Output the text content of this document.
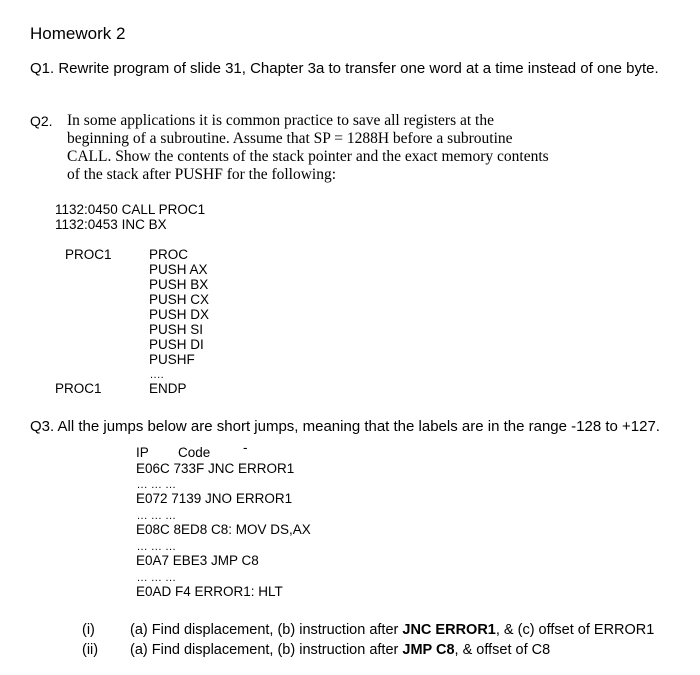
Homework 2
Q1. Rewrite program of slide 31, Chapter 3a to transfer one word at a time instead of one byte.
Q2. In some applications it is common practice to save all registers at the
beginning of a subroutine. Assume that SP = 1288H before a subroutine
CALL. Show the contents of the stack pointer and the exact memory contents
of the stack after PUSHF for the following:
1132:0450 CALL PROC1
1132:0453 INC BX
PROC1	PROC
PUSH AX
PUSH BX
PUSH CX
PUSH DX
PUSH SI
PUSH DI
PUSHF
....
PROC1	ENDP
Q3. All the jumps below are short jumps, meaning that the labels are in the range -128 to +127.
IP Code -
E06C 733F JNC ERROR1
... ... ...
E072 7139 JNO ERROR1
... ... ...
E08C 8ED8 C8: MOV DS,AX
... ... ...
E0A7 EBE3 JMP C8
... ... ...
E0AD F4 ERROR1: HLT
(i) (a) Find displacement, (b) instruction after JNC ERROR1, & (c) offset of ERROR1
(ii) (a) Find displacement, (b) instruction after JMP C8, & offset of C8
